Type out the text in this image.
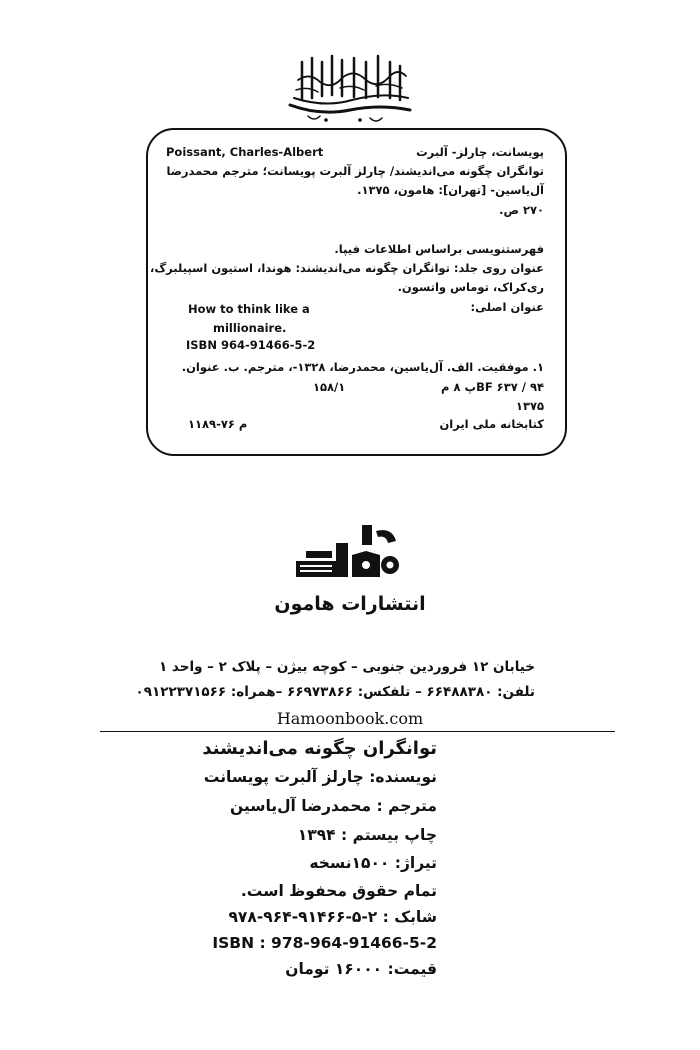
Poissant, Charles-Albert	پویسانت، چارلز- آلبرت
توانگران چگونه می‌اندیشند/ چارلز آلبرت پویسانت؛ مترجم محمدرضا
آل‌یاسین- [تهران]: هامون، ۱۳۷۵.
۲۷۰ ص.
فهرستنویسی براساس اطلاعات فیپا.
عنوان روی جلد: توانگران چگونه می‌اندیشند: هوندا، استیون اسپیلبرگ،
ری‌کراک، توماس واتسون.
عنوان اصلی:
How to think like a
millionaire.
ISBN 964-91466-5-2
۱. موفقیت. الف. آل‌یاسین، محمدرضا، ۱۳۲۸-، مترجم. ب. عنوان.
۱۵۸/۱	BF ۶۳۷ / ۹۴پ ۸ م
۱۳۷۵
م ۷۶-۱۱۸۹	کتابخانه ملی ایران
انتشارات هامون
خیابان ۱۲ فروردین جنوبی – کوچه بیژن – پلاک ۲ – واحد ۱
تلفن: ۶۶۴۸۸۳۸۰ – تلفکس: ۶۶۹۷۳۸۶۶ –همراه: ۰۹۱۲۲۳۷۱۵۶۶
Hamoonbook.com
توانگران چگونه می‌اندیشند
نویسنده: چارلز آلبرت پویسانت
مترجم : محمدرضا آل‌یاسین
چاپ بیستم : ۱۳۹۴
تیراژ: ۱۵۰۰نسخه
تمام حقوق محفوظ است.
شابک : ۲-۵-۹۱۴۶۶-۹۶۴-۹۷۸
ISBN : 978-964-91466-5-2
قیمت: ۱۶۰۰۰ تومان
